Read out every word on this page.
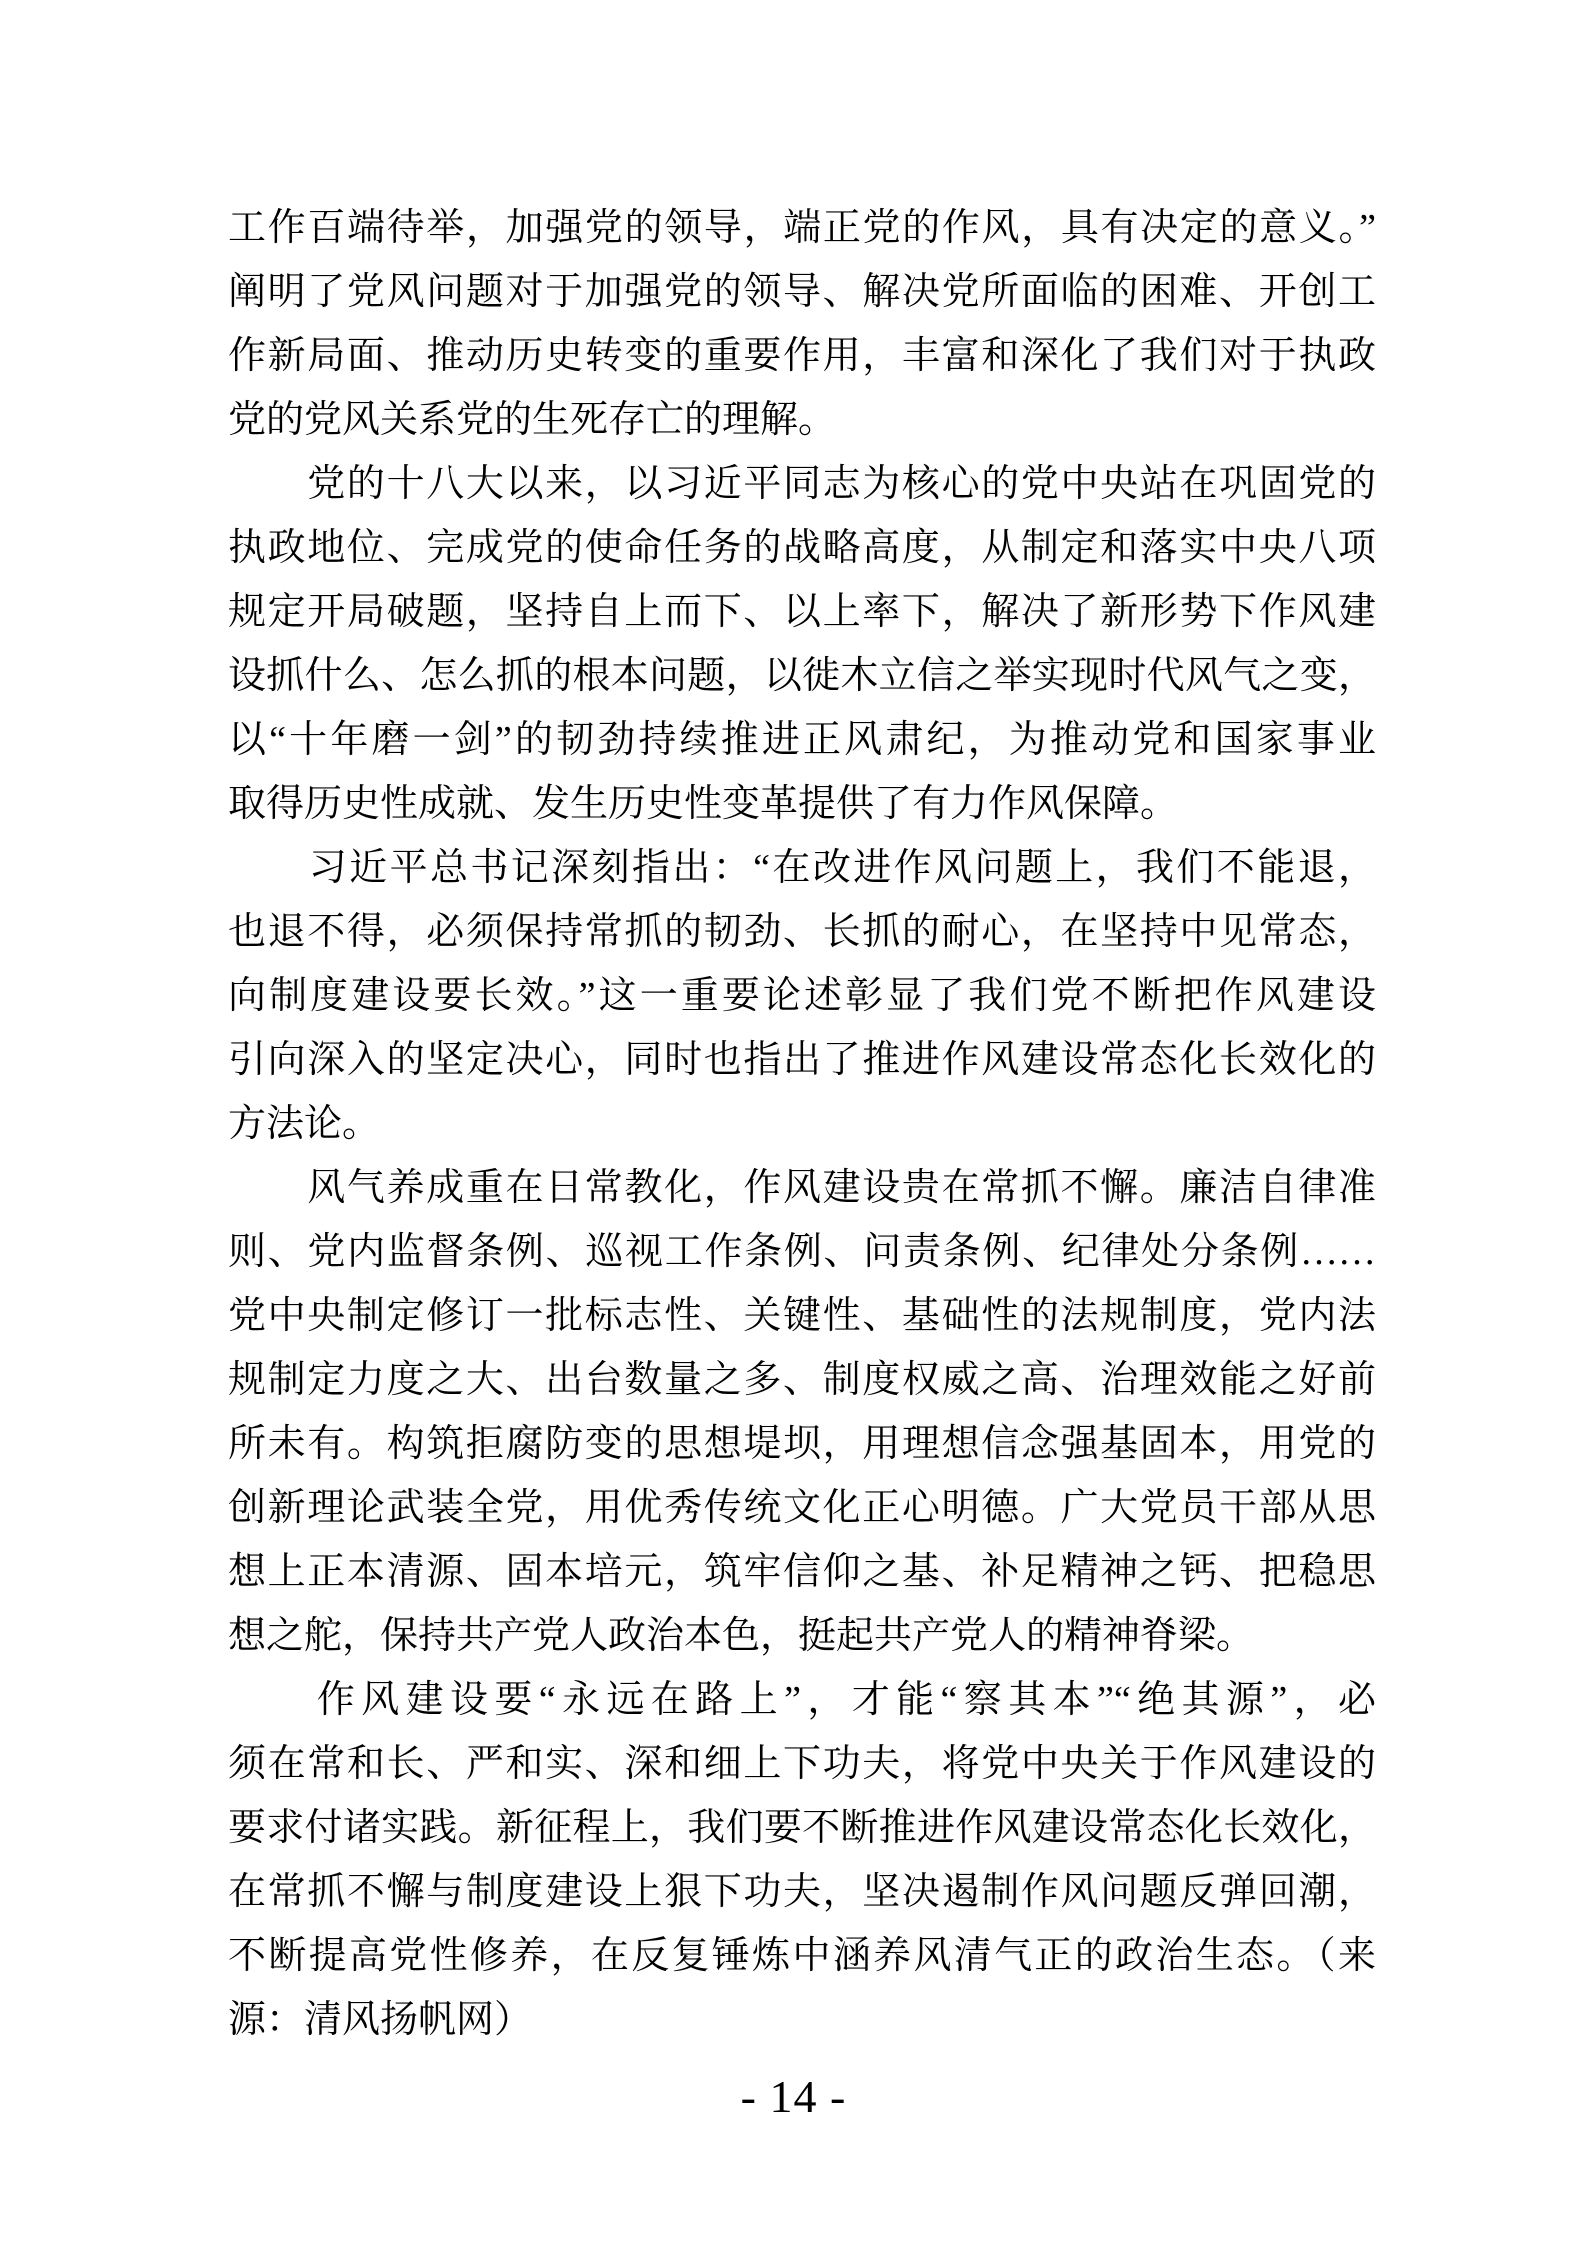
工作百端待举，加强党的领导，端正党的作风，具有决定的意义。”
阐明了党风问题对于加强党的领导、解决党所面临的困难、开创工
作新局面、推动历史转变的重要作用，丰富和深化了我们对于执政
党的党风关系党的生死存亡的理解。
　　党的十八大以来，以习近平同志为核心的党中央站在巩固党的
执政地位、完成党的使命任务的战略高度，从制定和落实中央八项
规定开局破题，坚持自上而下、以上率下，解决了新形势下作风建
设抓什么、怎么抓的根本问题，以徙木立信之举实现时代风气之变，
以“十年磨一剑”的韧劲持续推进正风肃纪，为推动党和国家事业
取得历史性成就、发生历史性变革提供了有力作风保障。
　　习近平总书记深刻指出：“在改进作风问题上，我们不能退，
也退不得，必须保持常抓的韧劲、长抓的耐心，在坚持中见常态，
向制度建设要长效。”这一重要论述彰显了我们党不断把作风建设
引向深入的坚定决心，同时也指出了推进作风建设常态化长效化的
方法论。
　　风气养成重在日常教化，作风建设贵在常抓不懈。廉洁自律准
则、党内监督条例、巡视工作条例、问责条例、纪律处分条例……
党中央制定修订一批标志性、关键性、基础性的法规制度，党内法
规制定力度之大、出台数量之多、制度权威之高、治理效能之好前
所未有。构筑拒腐防变的思想堤坝，用理想信念强基固本，用党的
创新理论武装全党，用优秀传统文化正心明德。广大党员干部从思
想上正本清源、固本培元，筑牢信仰之基、补足精神之钙、把稳思
想之舵，保持共产党人政治本色，挺起共产党人的精神脊梁。
　　作风建设要“永远在路上”，才能“察其本”“绝其源”，必
须在常和长、严和实、深和细上下功夫，将党中央关于作风建设的
要求付诸实践。新征程上，我们要不断推进作风建设常态化长效化，
在常抓不懈与制度建设上狠下功夫，坚决遏制作风问题反弹回潮，
不断提高党性修养，在反复锤炼中涵养风清气正的政治生态。（来
源：清风扬帆网）
- 14 -
